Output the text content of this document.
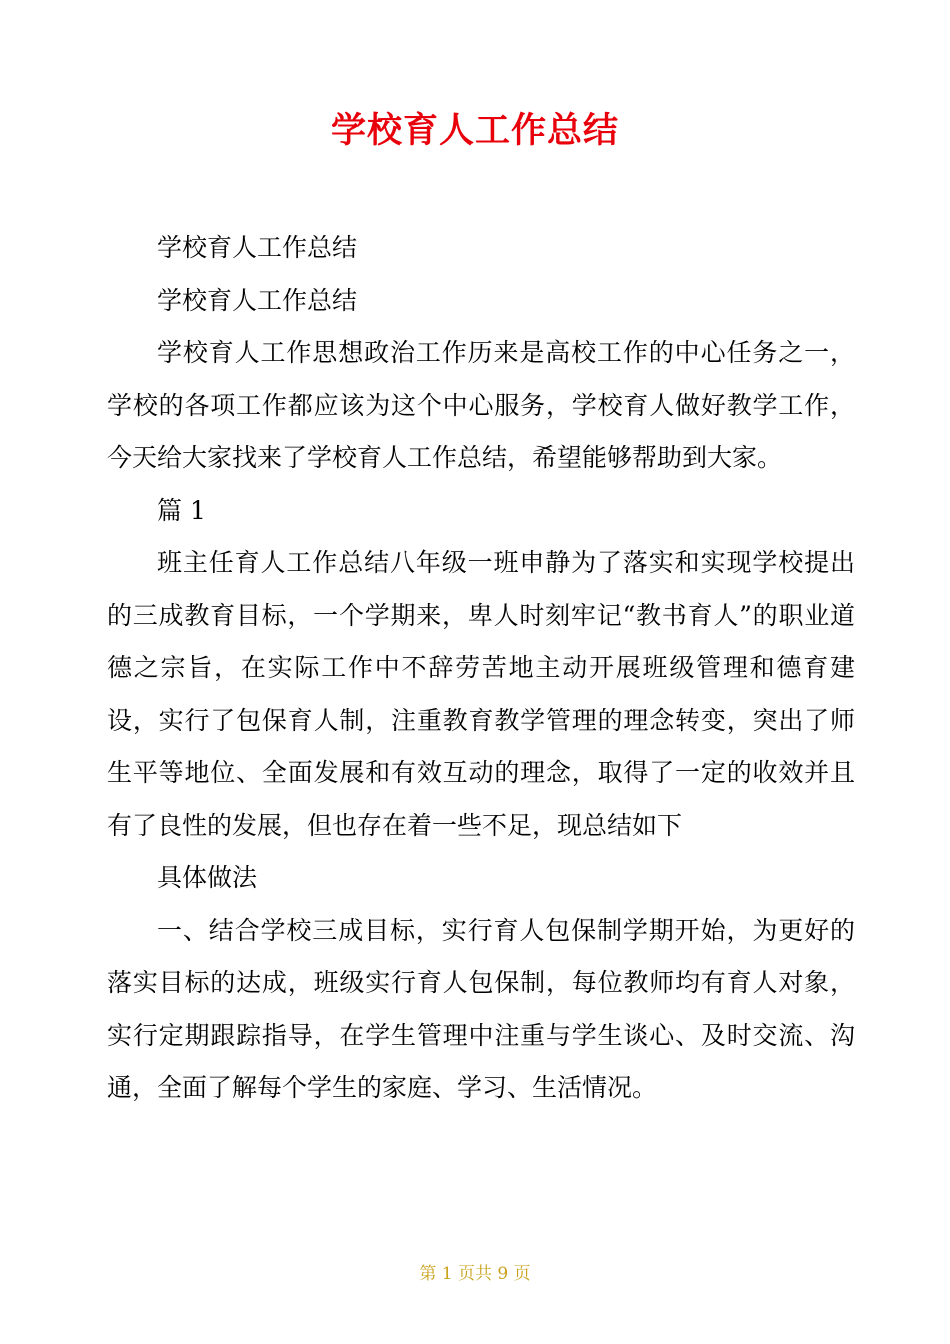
学校育人工作总结

学校育人工作总结

学校育人工作总结

学校育人工作思想政治工作历来是高校工作的中心任务之一，学校的各项工作都应该为这个中心服务，学校育人做好教学工作，今天给大家找来了学校育人工作总结，希望能够帮助到大家。

篇 1

班主任育人工作总结八年级一班申静为了落实和实现学校提出的三成教育目标，一个学期来，卑人时刻牢记“教书育人”的职业道德之宗旨，在实际工作中不辞劳苦地主动开展班级管理和德育建设，实行了包保育人制，注重教育教学管理的理念转变，突出了师生平等地位、全面发展和有效互动的理念，取得了一定的收效并且有了良性的发展，但也存在着一些不足，现总结如下

具体做法

一、结合学校三成目标，实行育人包保制学期开始，为更好的落实目标的达成，班级实行育人包保制，每位教师均有育人对象，实行定期跟踪指导，在学生管理中注重与学生谈心、及时交流、沟通，全面了解每个学生的家庭、学习、生活情况。

第 1 页共 9 页
